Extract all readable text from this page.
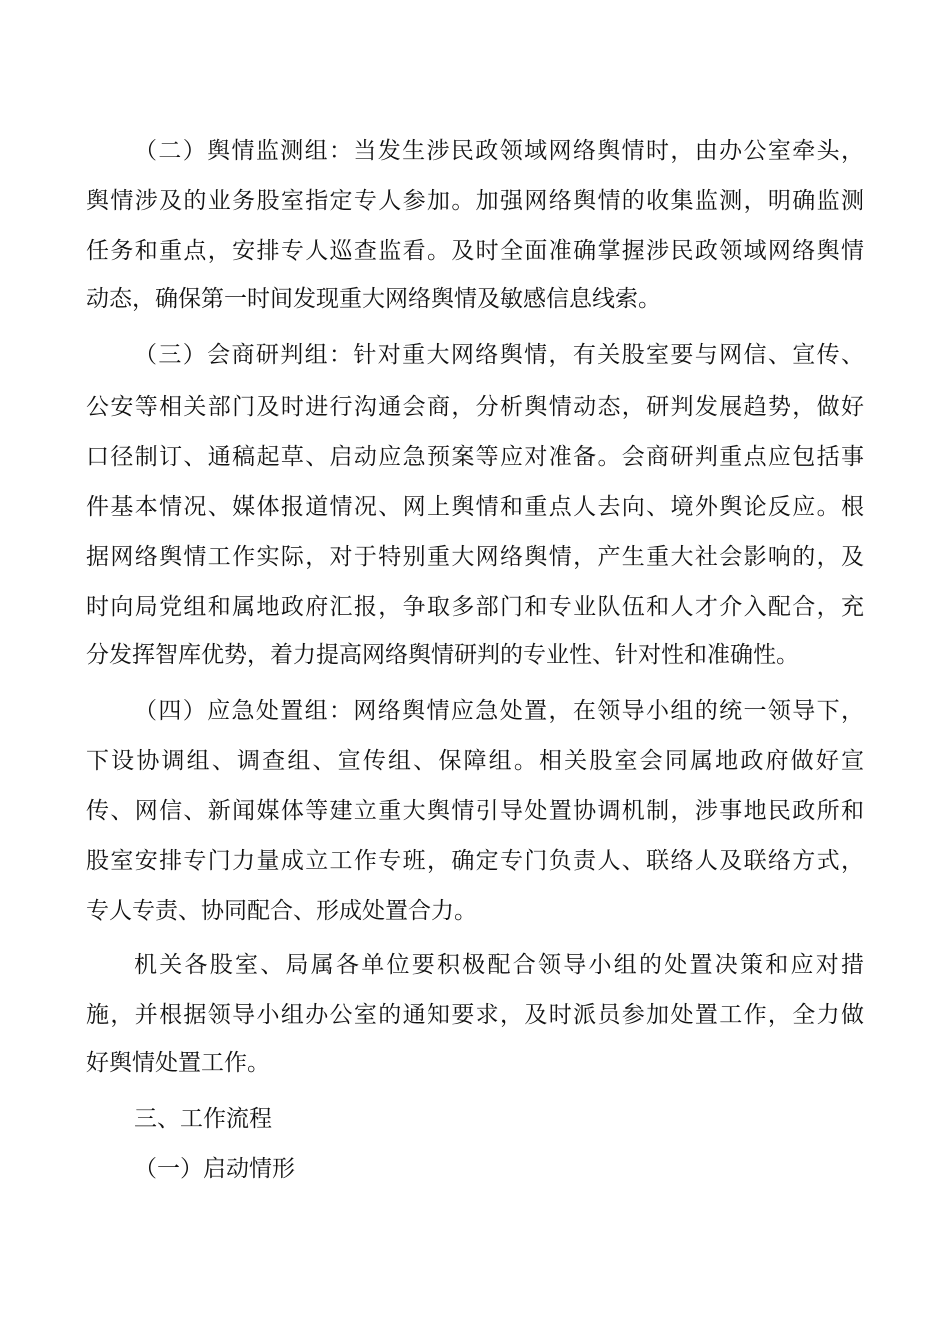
（二）舆情监测组：当发生涉民政领域网络舆情时，由办公室牵头，
舆情涉及的业务股室指定专人参加。加强网络舆情的收集监测，明确监测
任务和重点，安排专人巡查监看。及时全面准确掌握涉民政领域网络舆情
动态，确保第一时间发现重大网络舆情及敏感信息线索。
（三）会商研判组：针对重大网络舆情，有关股室要与网信、宣传、
公安等相关部门及时进行沟通会商，分析舆情动态，研判发展趋势，做好
口径制订、通稿起草、启动应急预案等应对准备。会商研判重点应包括事
件基本情况、媒体报道情况、网上舆情和重点人去向、境外舆论反应。根
据网络舆情工作实际，对于特别重大网络舆情，产生重大社会影响的，及
时向局党组和属地政府汇报，争取多部门和专业队伍和人才介入配合，充
分发挥智库优势，着力提高网络舆情研判的专业性、针对性和准确性。
（四）应急处置组：网络舆情应急处置，在领导小组的统一领导下，
下设协调组、调查组、宣传组、保障组。相关股室会同属地政府做好宣
传、网信、新闻媒体等建立重大舆情引导处置协调机制，涉事地民政所和
股室安排专门力量成立工作专班，确定专门负责人、联络人及联络方式，
专人专责、协同配合、形成处置合力。
机关各股室、局属各单位要积极配合领导小组的处置决策和应对措
施，并根据领导小组办公室的通知要求，及时派员参加处置工作，全力做
好舆情处置工作。
三、工作流程
（一）启动情形
